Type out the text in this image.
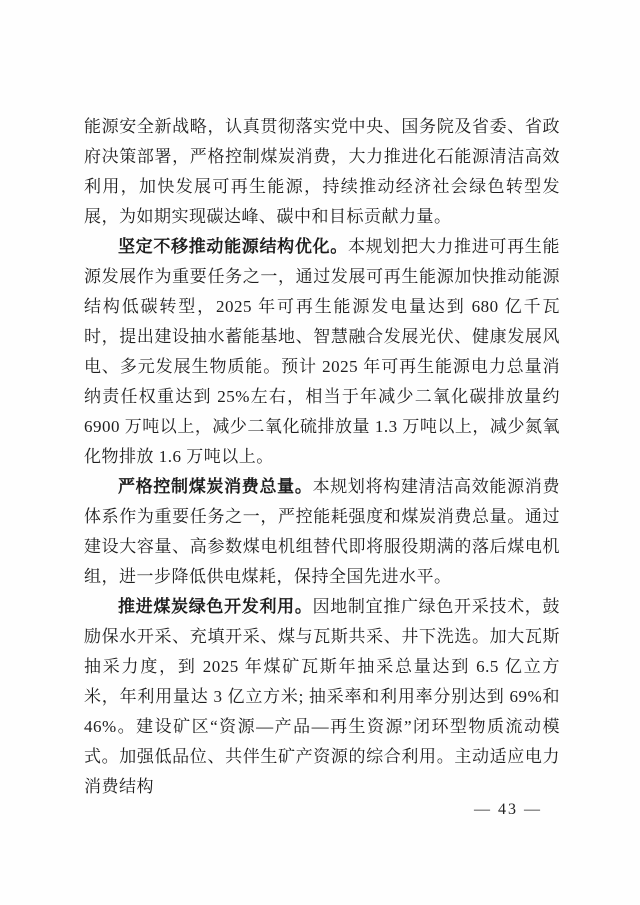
能源安全新战略，认真贯彻落实党中央、国务院及省委、省政府决策部署，严格控制煤炭消费，大力推进化石能源清洁高效利用，加快发展可再生能源，持续推动经济社会绿色转型发展，为如期实现碳达峰、碳中和目标贡献力量。

坚定不移推动能源结构优化。本规划把大力推进可再生能源发展作为重要任务之一，通过发展可再生能源加快推动能源结构低碳转型，2025 年可再生能源发电量达到 680 亿千瓦时，提出建设抽水蓄能基地、智慧融合发展光伏、健康发展风电、多元发展生物质能。预计 2025 年可再生能源电力总量消纳责任权重达到 25%左右，相当于年减少二氧化碳排放量约 6900 万吨以上，减少二氧化硫排放量 1.3 万吨以上，减少氮氧化物排放 1.6 万吨以上。

严格控制煤炭消费总量。本规划将构建清洁高效能源消费体系作为重要任务之一，严控能耗强度和煤炭消费总量。通过建设大容量、高参数煤电机组替代即将服役期满的落后煤电机组，进一步降低供电煤耗，保持全国先进水平。

推进煤炭绿色开发利用。因地制宜推广绿色开采技术，鼓励保水开采、充填开采、煤与瓦斯共采、井下洗选。加大瓦斯抽采力度，到 2025 年煤矿瓦斯年抽采总量达到 6.5 亿立方米，年利用量达 3 亿立方米; 抽采率和利用率分别达到 69%和 46%。建设矿区“资源—产品—再生资源”闭环型物质流动模式。加强低品位、共伴生矿产资源的综合利用。主动适应电力消费结构

— 43 —
